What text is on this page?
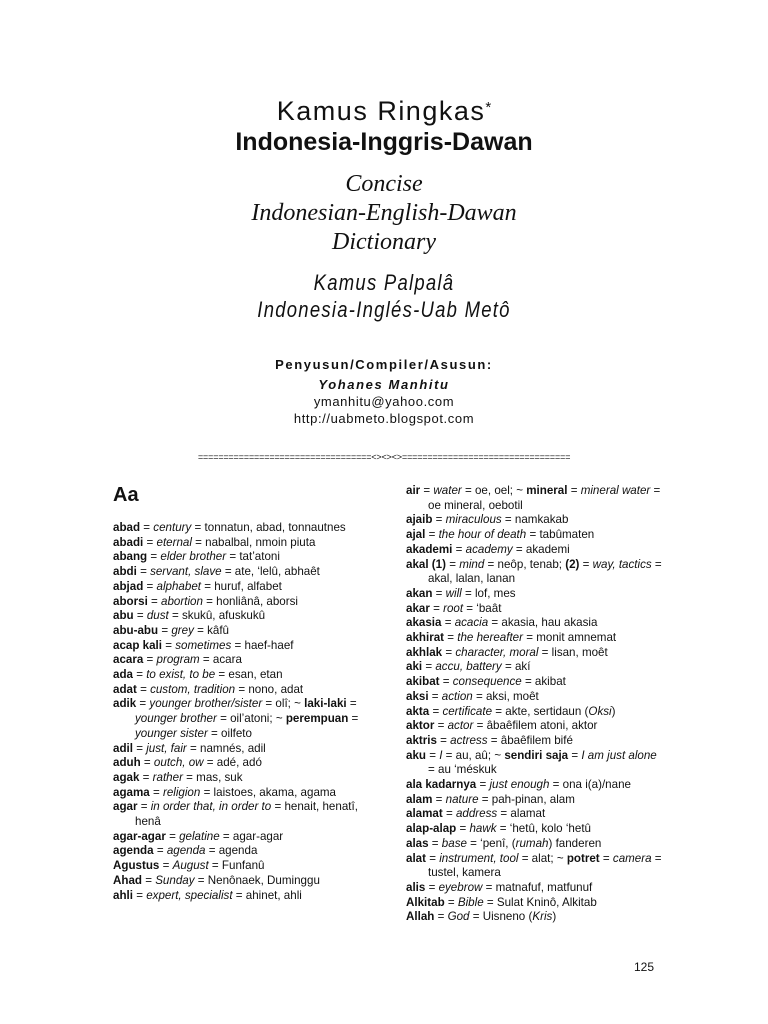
Kamus Ringkas*
Indonesia-Inggris-Dawan
Concise
Indonesian-English-Dawan
Dictionary
Kamus Palpalâ
Indonesia-Inglés-Uab Metô
Penyusun/Compiler/Asusun:
Yohanes Manhitu
ymanhitu@yahoo.com
http://uabmeto.blogspot.com
==================================<><><>=================================
Aa
abad = century = tonnatun, abad, tonnautnes
abadi = eternal = nabalbal, nmoin piuta
abang = elder brother = tat’atoni
abdi = servant, slave = ate, ‘lelû, abhaêt
abjad = alphabet = huruf, alfabet
aborsi = abortion = honliânâ, aborsi
abu = dust = skukû, afuskukû
abu-abu = grey = kâfû
acap kali = sometimes = haef-haef
acara = program = acara
ada = to exist, to be = esan, etan
adat = custom, tradition = nono, adat
adik = younger brother/sister = olî; ~ laki-laki = younger brother = oil’atoni; ~ perempuan = younger sister = oilfeto
adil = just, fair = namnés, adil
aduh = outch, ow = adé, adó
agak = rather = mas, suk
agama = religion = laistoes, akama, agama
agar = in order that, in order to = henait, henatî, henâ
agar-agar = gelatine = agar-agar
agenda = agenda = agenda
Agustus = August = Funfanû
Ahad = Sunday = Nenônaek, Duminggu
ahli = expert, specialist = ahinet, ahli
air = water = oe, oel; ~ mineral = mineral water = oe mineral, oebotil
ajaib = miraculous = namkakab
ajal = the hour of death = tabûmaten
akademi = academy = akademi
akal (1) = mind = neôp, tenab; (2) = way, tactics = akal, lalan, lanan
akan = will = lof, mes
akar = root = ‘baât
akasia = acacia = akasia, hau akasia
akhirat = the hereafter = monit amnemat
akhlak = character, moral = lisan, moêt
aki = accu, battery = akí
akibat = consequence = akibat
aksi = action = aksi, moêt
akta = certificate = akte, sertidaun (Oksi)
aktor = actor = âbaêfilem atoni, aktor
aktris = actress = âbaêfilem bifé
aku = I = au, aû; ~ sendiri saja = I am just alone = au ‘méskuk
ala kadarnya = just enough = ona i(a)/nane
alam = nature = pah-pinan, alam
alamat = address = alamat
alap-alap = hawk = ‘hetû, kolo ‘hetû
alas = base = ‘penî, (rumah) fanderen
alat = instrument, tool = alat; ~ potret = camera = tustel, kamera
alis = eyebrow = matnafuf, matfunuf
Alkitab = Bible = Sulat Kninô, Alkitab
Allah = God = Uisneno (Kris)
125
